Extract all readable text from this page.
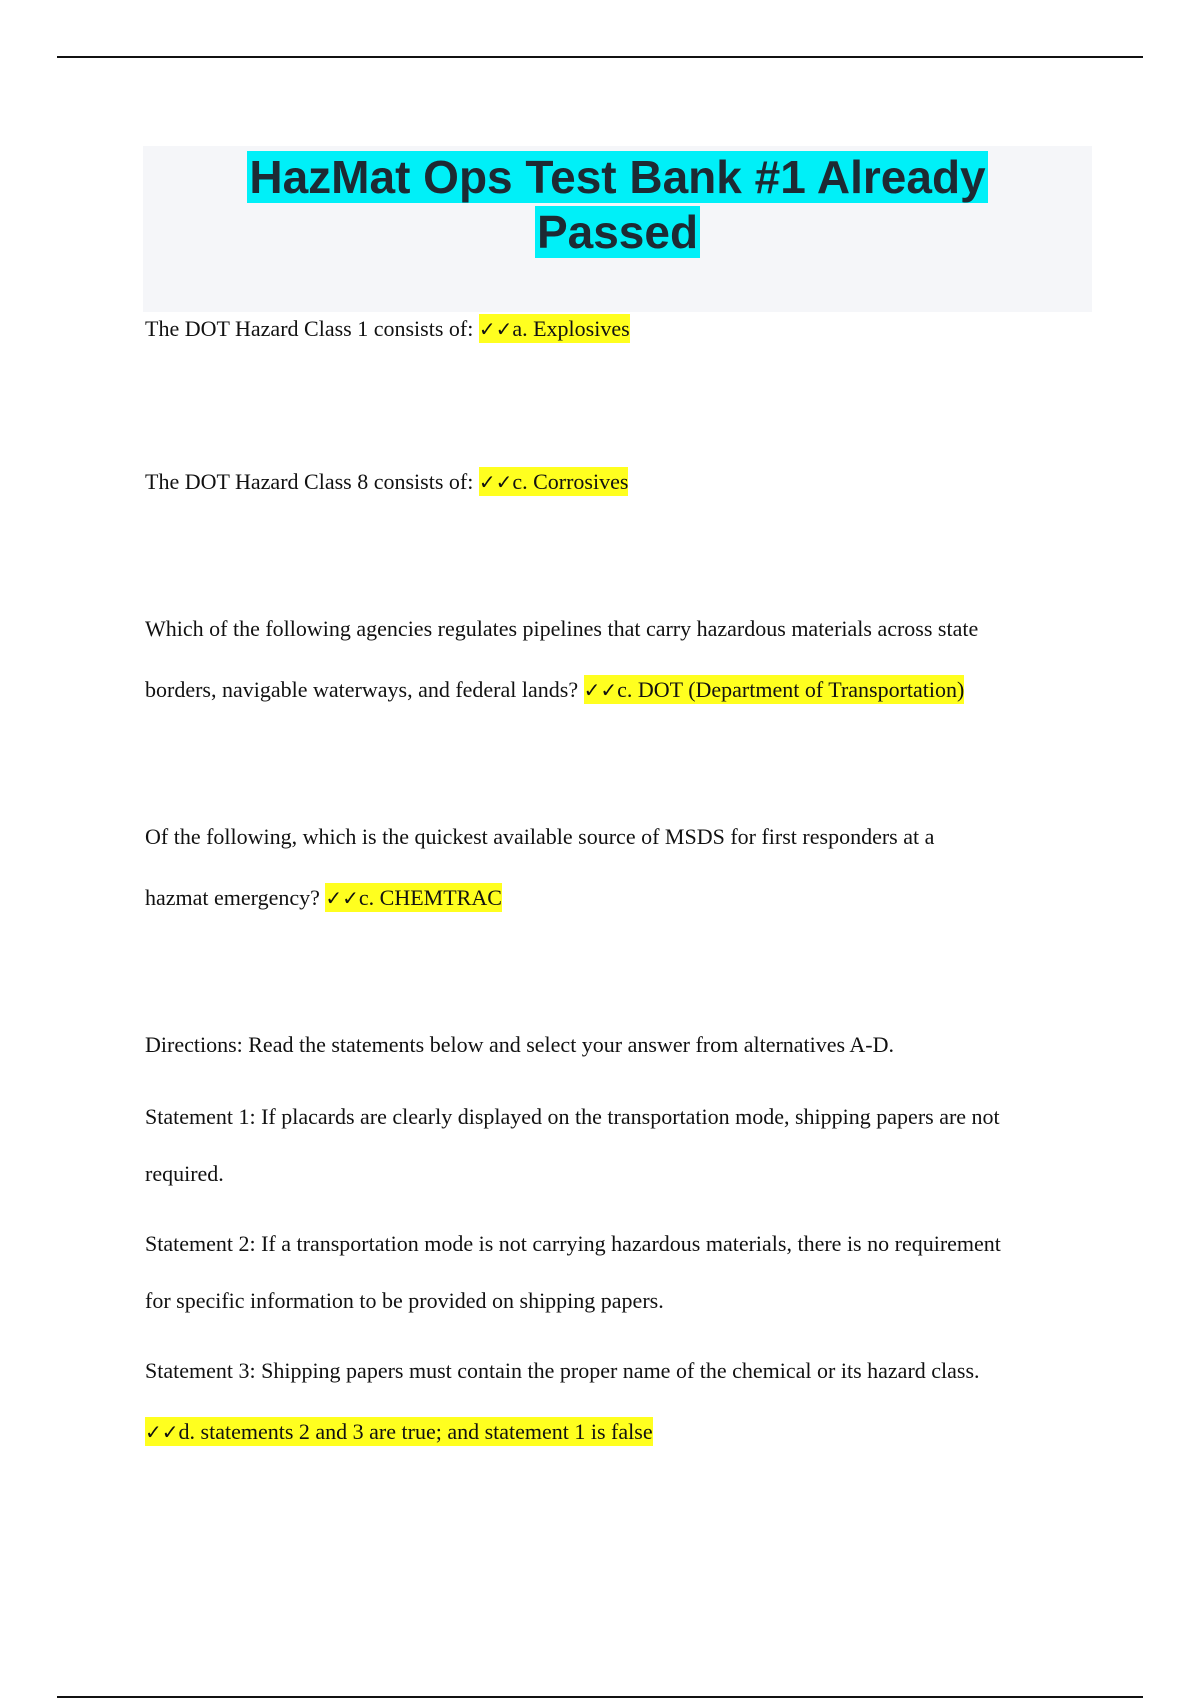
HazMat Ops Test Bank #1 Already
Passed
The DOT Hazard Class 1 consists of: ✓✓a. Explosives
The DOT Hazard Class 8 consists of: ✓✓c. Corrosives
Which of the following agencies regulates pipelines that carry hazardous materials across state
borders, navigable waterways, and federal lands? ✓✓c. DOT (Department of Transportation)
Of the following, which is the quickest available source of MSDS for first responders at a
hazmat emergency? ✓✓c. CHEMTRAC
Directions: Read the statements below and select your answer from alternatives A-D.
Statement 1: If placards are clearly displayed on the transportation mode, shipping papers are not
required.
Statement 2: If a transportation mode is not carrying hazardous materials, there is no requirement
for specific information to be provided on shipping papers.
Statement 3: Shipping papers must contain the proper name of the chemical or its hazard class.
✓✓d. statements 2 and 3 are true; and statement 1 is false
